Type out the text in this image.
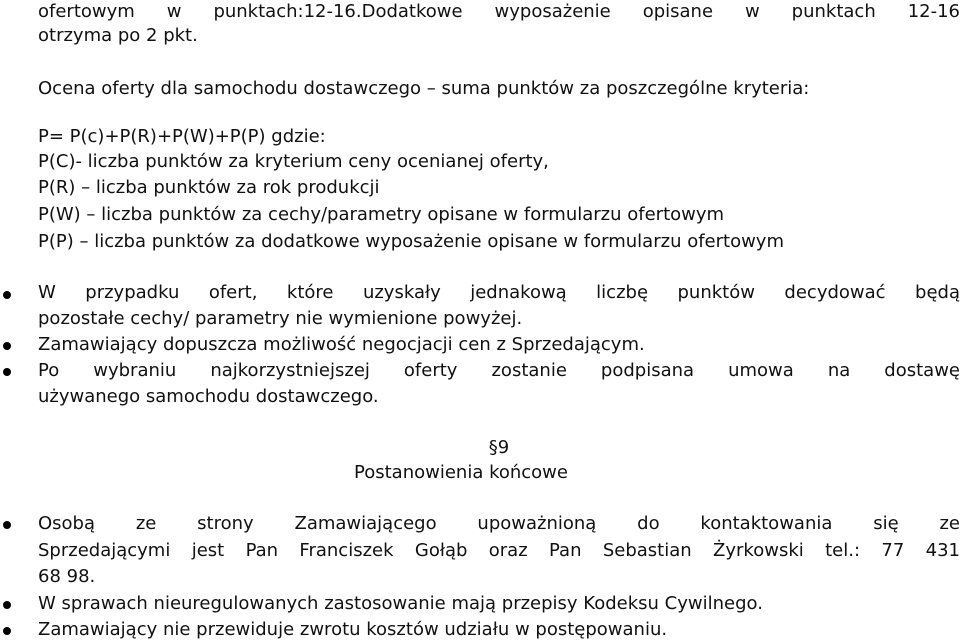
ofertowym w punktach:12-16.Dodatkowe wyposażenie opisane w punktach 12-16
otrzyma po 2 pkt.
Ocena oferty dla samochodu dostawczego – suma punktów za poszczególne kryteria:
P= P(c)+P(R)+P(W)+P(P) gdzie:
P(C)- liczba punktów za kryterium ceny ocenianej oferty,
P(R) – liczba punktów za rok produkcji
P(W) – liczba punktów za cechy/parametry opisane w formularzu ofertowym
P(P) – liczba punktów za dodatkowe wyposażenie opisane w formularzu ofertowym
W przypadku ofert, które uzyskały jednakową liczbę punktów decydować będą
pozostałe cechy/ parametry nie wymienione powyżej.
Zamawiający dopuszcza możliwość negocjacji cen z Sprzedającym.
Po wybraniu najkorzystniejszej oferty zostanie podpisana umowa na dostawę
używanego samochodu dostawczego.
§9
Postanowienia końcowe
Osobą ze strony Zamawiającego upoważnioną do kontaktowania się ze
Sprzedającymi jest Pan Franciszek Gołąb oraz Pan Sebastian Żyrkowski tel.: 77 431
68 98.
W sprawach nieuregulowanych zastosowanie mają przepisy Kodeksu Cywilnego.
Zamawiający nie przewiduje zwrotu kosztów udziału w postępowaniu.
